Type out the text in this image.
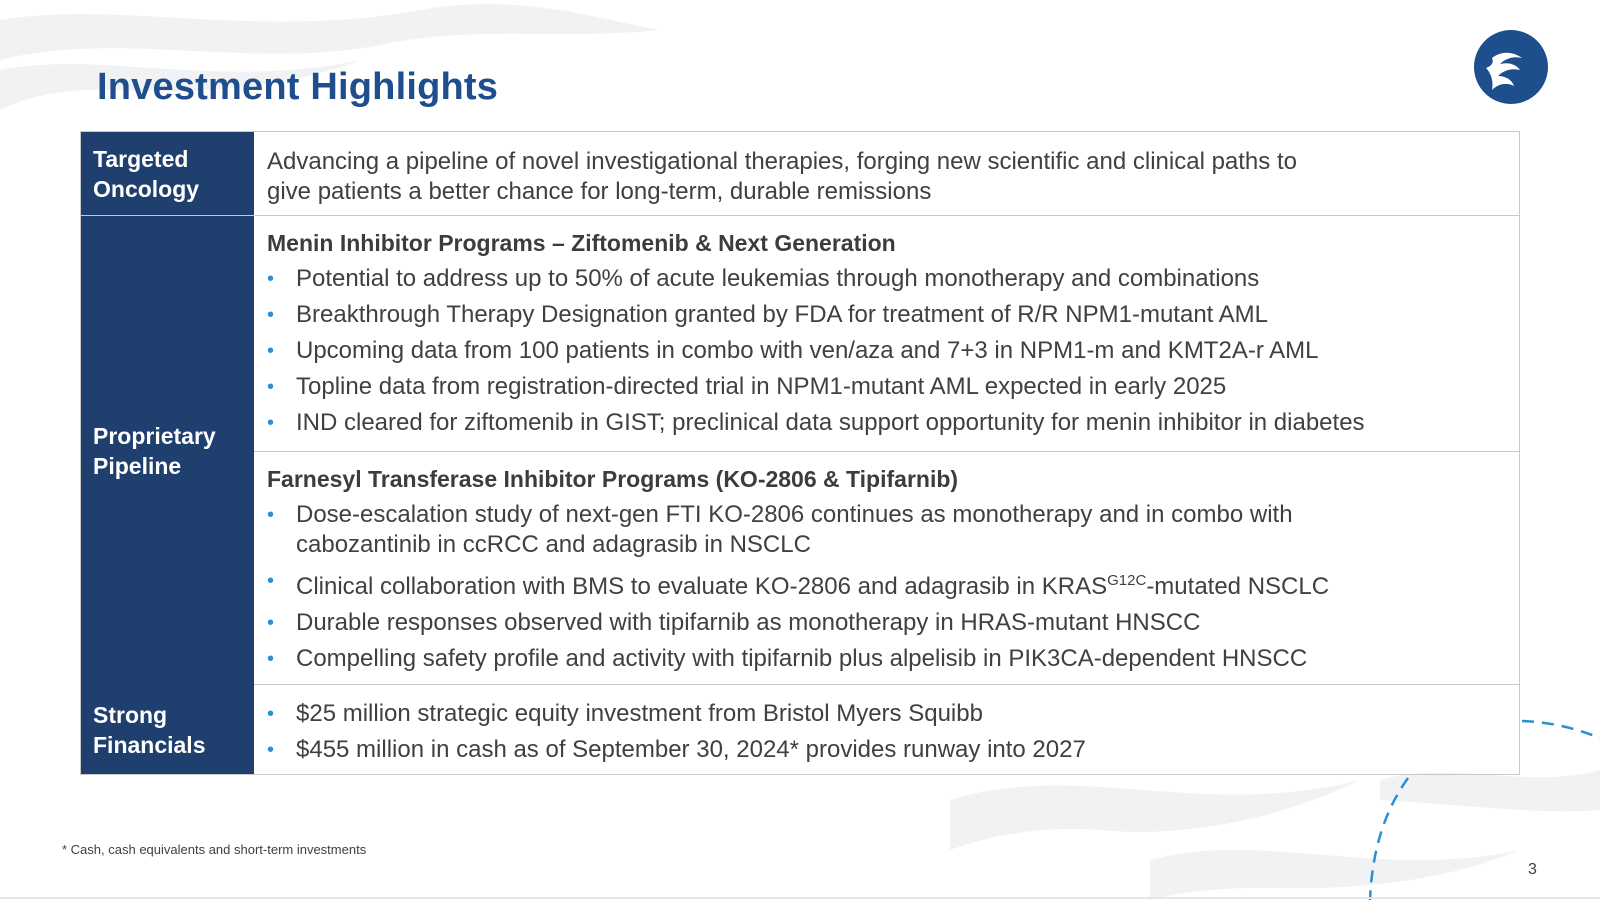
Investment Highlights
Targeted
Oncology
Advancing a pipeline of novel investigational therapies, forging new scientific and clinical paths to
give patients a better chance for long-term, durable remissions
Proprietary
Pipeline
Menin Inhibitor Programs – Ziftomenib & Next Generation
• Potential to address up to 50% of acute leukemias through monotherapy and combinations
• Breakthrough Therapy Designation granted by FDA for treatment of R/R NPM1-mutant AML
• Upcoming data from 100 patients in combo with ven/aza and 7+3 in NPM1-m and KMT2A-r AML
• Topline data from registration-directed trial in NPM1-mutant AML expected in early 2025
• IND cleared for ziftomenib in GIST; preclinical data support opportunity for menin inhibitor in diabetes
Farnesyl Transferase Inhibitor Programs (KO-2806 & Tipifarnib)
• Dose-escalation study of next-gen FTI KO-2806 continues as monotherapy and in combo with
cabozantinib in ccRCC and adagrasib in NSCLC
• Clinical collaboration with BMS to evaluate KO-2806 and adagrasib in $KRAS^{G12C}$-mutated NSCLC
• Durable responses observed with tipifarnib as monotherapy in HRAS-mutant HNSCC
• Compelling safety profile and activity with tipifarnib plus alpelisib in PIK3CA-dependent HNSCC
Strong
Financials
• $25 million strategic equity investment from Bristol Myers Squibb
• $455 million in cash as of September 30, 2024* provides runway into 2027
* Cash, cash equivalents and short-term investments
3
